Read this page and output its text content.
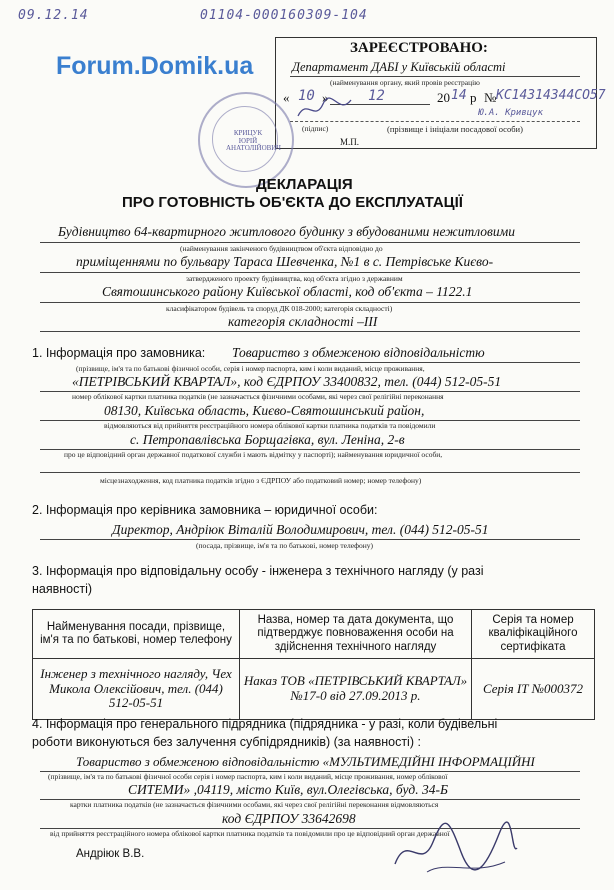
09.12.14	01104-000160309-104
Forum.Domik.ua
ЗАРЕЄСТРОВАНО:
Департамент ДАБІ у Київській області
(найменування органу, який провів реєстрацію
« 10 »	12	20 14 р № КС14314344СО57
Ю.А. Кривцук
(підпис)	(прізвище і ініціали посадової особи)
М.П.
КРИЦУК ЮРІЙ АНАТОЛІЙОВИЧ
ДЕКЛАРАЦІЯ
ПРО ГОТОВНІСТЬ ОБ'ЄКТА ДО ЕКСПЛУАТАЦІЇ
Будівництво 64-квартирного житлового будинку з вбудованими нежитловими
(найменування закінченого будівництвом об'єкта відповідно до
приміщеннями по бульвару Тараса Шевченка, №1 в с. Петрівське Києво-
затвердженого проекту будівництва, код об'єкта згідно з державним
Святошинського району Київської області, код об'єкта – 1122.1
класифікатором будівель та споруд ДК 018-2000; категорія складності)
категорія складності –ІІІ
1. Інформація про замовника: Товариство з обмеженою відповідальністю
(прізвище, ім'я та по батькові фізичної особи, серія і номер паспорта, ким і коли виданий, місце проживання,
«ПЕТРІВСЬКИЙ КВАРТАЛ», код ЄДРПОУ 33400832, тел. (044) 512-05-51
номер облікової картки платника податків (не зазначається фізичними особами, які через свої релігійні переконання
08130, Київська область, Києво-Святошинський район,
відмовляються від прийняття реєстраційного номера облікової картки платника податків та повідомили
с. Петропавлівська Борщагівка, вул. Леніна, 2-в
про це відповідний орган державної податкової служби і мають відмітку у паспорті); найменування юридичної особи,
місцезнаходження, код платника податків згідно з ЄДРПОУ або податковий номер; номер телефону)
2. Інформація про керівника замовника – юридичної особи:
Директор, Андріюк Віталій Володимирович, тел. (044) 512-05-51
(посада, прізвище, ім'я та по батькові, номер телефону)
3. Інформація про відповідальну особу - інженера з технічного нагляду (у разі
наявності)
Найменування посади, прізвище, ім'я та по батькові, номер телефону	Назва, номер та дата документа, що підтверджує повноваження особи на здійснення технічного нагляду	Серія та номер кваліфікаційного сертифіката
Інженер з технічного нагляду, Чех Микола Олексійович, тел. (044) 512-05-51	Наказ ТОВ «ПЕТРІВСЬКИЙ КВАРТАЛ» №17-0 від 27.09.2013 р.	Серія ІТ №000372
4. Інформація про генерального підрядника (підрядника - у разі, коли будівельні
роботи виконуються без залучення субпідрядників) (за наявності) :
Товариство з обмеженою відповідальністю «МУЛЬТИМЕДІЙНІ ІНФОРМАЦІЙНІ
(прізвище, ім'я та по батькові фізичної особи серія і номер паспорта, ким і коли виданий, місце проживання, номер облікової
СИТЕМИ» ,04119, місто Київ, вул.Олегівська, буд. 34-Б
картки платника податків (не зазначається фізичними особами, які через свої релігійні переконання відмовляються
код ЄДРПОУ 33642698
від прийняття реєстраційного номера облікової картки платника податків та повідомили про це відповідний орган державної
Андріюк В.В.
